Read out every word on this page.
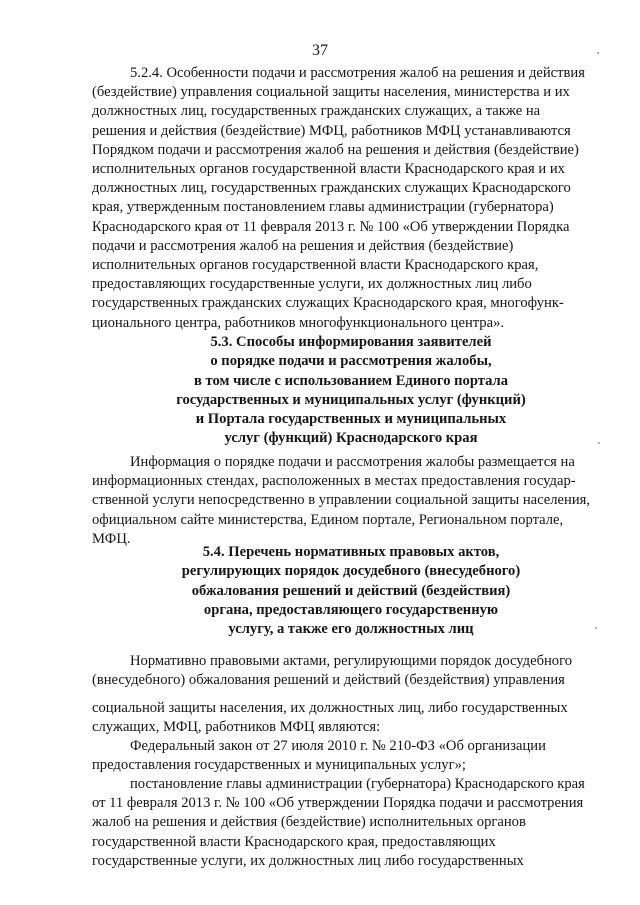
37
5.2.4. Особенности подачи и рассмотрения жалоб на решения и действия
(бездействие) управления социальной защиты населения, министерства и их
должностных лиц, государственных гражданских служащих, а также на
решения и действия (бездействие) МФЦ, работников МФЦ устанавливаются
Порядком подачи и рассмотрения жалоб на решения и действия (бездействие)
исполнительных органов государственной власти Краснодарского края и их
должностных лиц, государственных гражданских служащих Краснодарского
края, утвержденным постановлением главы администрации (губернатора)
Краснодарского края от 11 февраля 2013 г. № 100 «Об утверждении Порядка
подачи и рассмотрения жалоб на решения и действия (бездействие)
исполнительных органов государственной власти Краснодарского края,
предоставляющих государственные услуги, их должностных лиц либо
государственных гражданских служащих Краснодарского края, многофунк-
ционального центра, работников многофункционального центра».
5.3. Способы информирования заявителей
о порядке подачи и рассмотрения жалобы,
в том числе с использованием Единого портала
государственных и муниципальных услуг (функций)
и Портала государственных и муниципальных
услуг (функций) Краснодарского края
Информация о порядке подачи и рассмотрения жалобы размещается на
информационных стендах, расположенных в местах предоставления государ-
ственной услуги непосредственно в управлении социальной защиты населения,
официальном сайте министерства, Едином портале, Региональном портале,
МФЦ.
5.4. Перечень нормативных правовых актов,
регулирующих порядок досудебного (внесудебного)
обжалования решений и действий (бездействия)
органа, предоставляющего государственную
услугу, а также его должностных лиц
Нормативно правовыми актами, регулирующими порядок досудебного
(внесудебного) обжалования решений и действий (бездействия) управления
социальной защиты населения, их должностных лиц, либо государственных
служащих, МФЦ, работников МФЦ являются:
Федеральный закон от 27 июля 2010 г. № 210-ФЗ «Об организации
предоставления государственных и муниципальных услуг»;
постановление главы администрации (губернатора) Краснодарского края
от 11 февраля 2013 г. № 100 «Об утверждении Порядка подачи и рассмотрения
жалоб на решения и действия (бездействие) исполнительных органов
государственной власти Краснодарского края, предоставляющих
государственные услуги, их должностных лиц либо государственных
